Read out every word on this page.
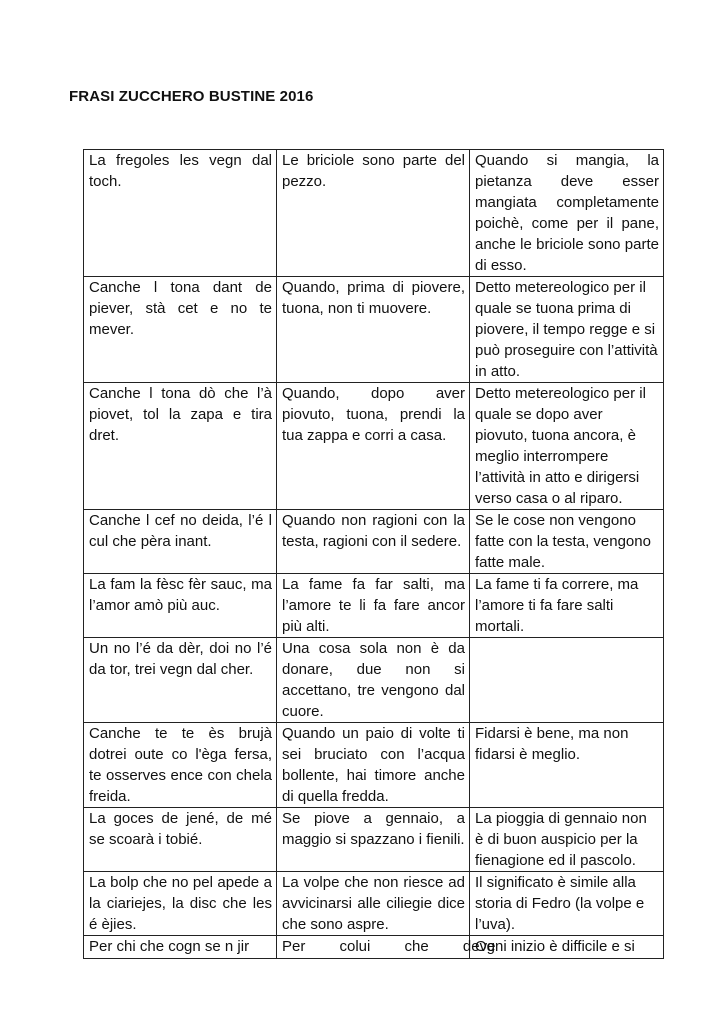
FRASI ZUCCHERO BUSTINE 2016
La fregoles les vegn dal toch.	Le briciole sono parte del pezzo.	Quando si mangia, la pietanza deve esser mangiata completamente poichè, come per il pane, anche le briciole sono parte di esso.
Canche l tona dant de piever, stà cet e no te mever.	Quando, prima di piovere, tuona, non ti muovere.	Detto metereologico per il quale se tuona prima di piovere, il tempo regge e si può proseguire con l’attività in atto.
Canche l tona dò che l’à piovet, tol la zapa e tira dret.	Quando, dopo aver piovuto, tuona, prendi la tua zappa e corri a casa.	Detto metereologico per il quale se dopo aver piovuto, tuona ancora, è meglio interrompere l’attività in atto e dirigersi verso casa o al riparo.
Canche l cef no deida, l’é l cul che pèra inant.	Quando non ragioni con la testa, ragioni con il sedere.	Se le cose non vengono fatte con la testa, vengono fatte male.
La fam la fèsc fèr sauc, ma l’amor amò più auc.	La fame fa far salti, ma l’amore te li fa fare ancor più alti.	La fame ti fa correre, ma l’amore ti fa fare salti mortali.
Un no l’é da dèr, doi no l’é da tor, trei vegn dal cher.	Una cosa sola non è da donare, due non si accettano, tre vengono dal cuore.	
Canche te te ès brujà dotrei oute co l'èga fersa, te osserves ence con chela freida.	Quando un paio di volte ti sei bruciato con l’acqua bollente, hai timore anche di quella fredda.	Fidarsi è bene, ma non fidarsi è meglio.
La goces de jené, de mé se scoarà i tobié.	Se piove a gennaio, a maggio si spazzano i fienili.	La pioggia di gennaio non è di buon auspicio per la fienagione ed il pascolo.
La bolp che no pel apede a la ciariejes, la disc che les é èjies.	La volpe che non riesce ad avvicinarsi alle ciliegie dice che sono aspre.	Il significato è simile alla storia di Fedro (la volpe e l’uva).
Per chi che cogn se n jir	Per colui che deve	Ogni inizio è difficile e si
